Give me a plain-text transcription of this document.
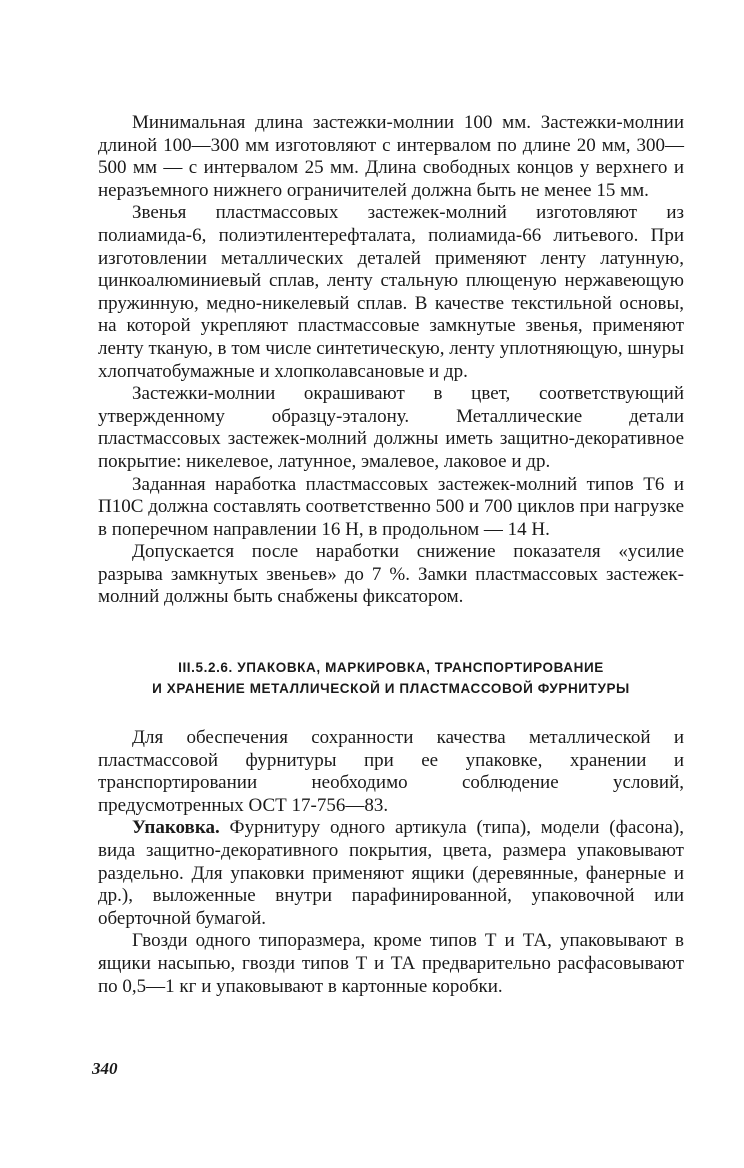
Минимальная длина застежки-молнии 100 мм. Застежки-молнии длиной 100—300 мм изготовляют с интервалом по длине 20 мм, 300—500 мм — с интервалом 25 мм. Длина свободных концов у верхнего и неразъемного нижнего ограничителей должна быть не менее 15 мм.

Звенья пластмассовых застежек-молний изготовляют из полиамида-6, полиэтилентерефталата, полиамида-66 литьевого. При изготовлении металлических деталей применяют ленту латунную, цинкоалюминиевый сплав, ленту стальную плющеную нержавеющую пружинную, медно-никелевый сплав. В качестве текстильной основы, на которой укрепляют пластмассовые замкнутые звенья, применяют ленту тканую, в том числе синтетическую, ленту уплотняющую, шнуры хлопчатобумажные и хлопколавсановые и др.

Застежки-молнии окрашивают в цвет, соответствующий утвержденному образцу-эталону. Металлические детали пластмассовых застежек-молний должны иметь защитно-декоративное покрытие: никелевое, латунное, эмалевое, лаковое и др.

Заданная наработка пластмассовых застежек-молний типов Т6 и П10С должна составлять соответственно 500 и 700 циклов при нагрузке в поперечном направлении 16 Н, в продольном — 14 Н.

Допускается после наработки снижение показателя «усилие разрыва замкнутых звеньев» до 7 %. Замки пластмассовых застежек-молний должны быть снабжены фиксатором.

III.5.2.6. УПАКОВКА, МАРКИРОВКА, ТРАНСПОРТИРОВАНИЕ
И ХРАНЕНИЕ МЕТАЛЛИЧЕСКОЙ И ПЛАСТМАССОВОЙ ФУРНИТУРЫ

Для обеспечения сохранности качества металлической и пластмассовой фурнитуры при ее упаковке, хранении и транспортировании необходимо соблюдение условий, предусмотренных ОСТ 17-756—83.

Упаковка. Фурнитуру одного артикула (типа), модели (фасона), вида защитно-декоративного покрытия, цвета, размера упаковывают раздельно. Для упаковки применяют ящики (деревянные, фанерные и др.), выложенные внутри парафинированной, упаковочной или оберточной бумагой.

Гвозди одного типоразмера, кроме типов Т и ТА, упаковывают в ящики насыпью, гвозди типов Т и ТА предварительно расфасовывают по 0,5—1 кг и упаковывают в картонные коробки.

340
